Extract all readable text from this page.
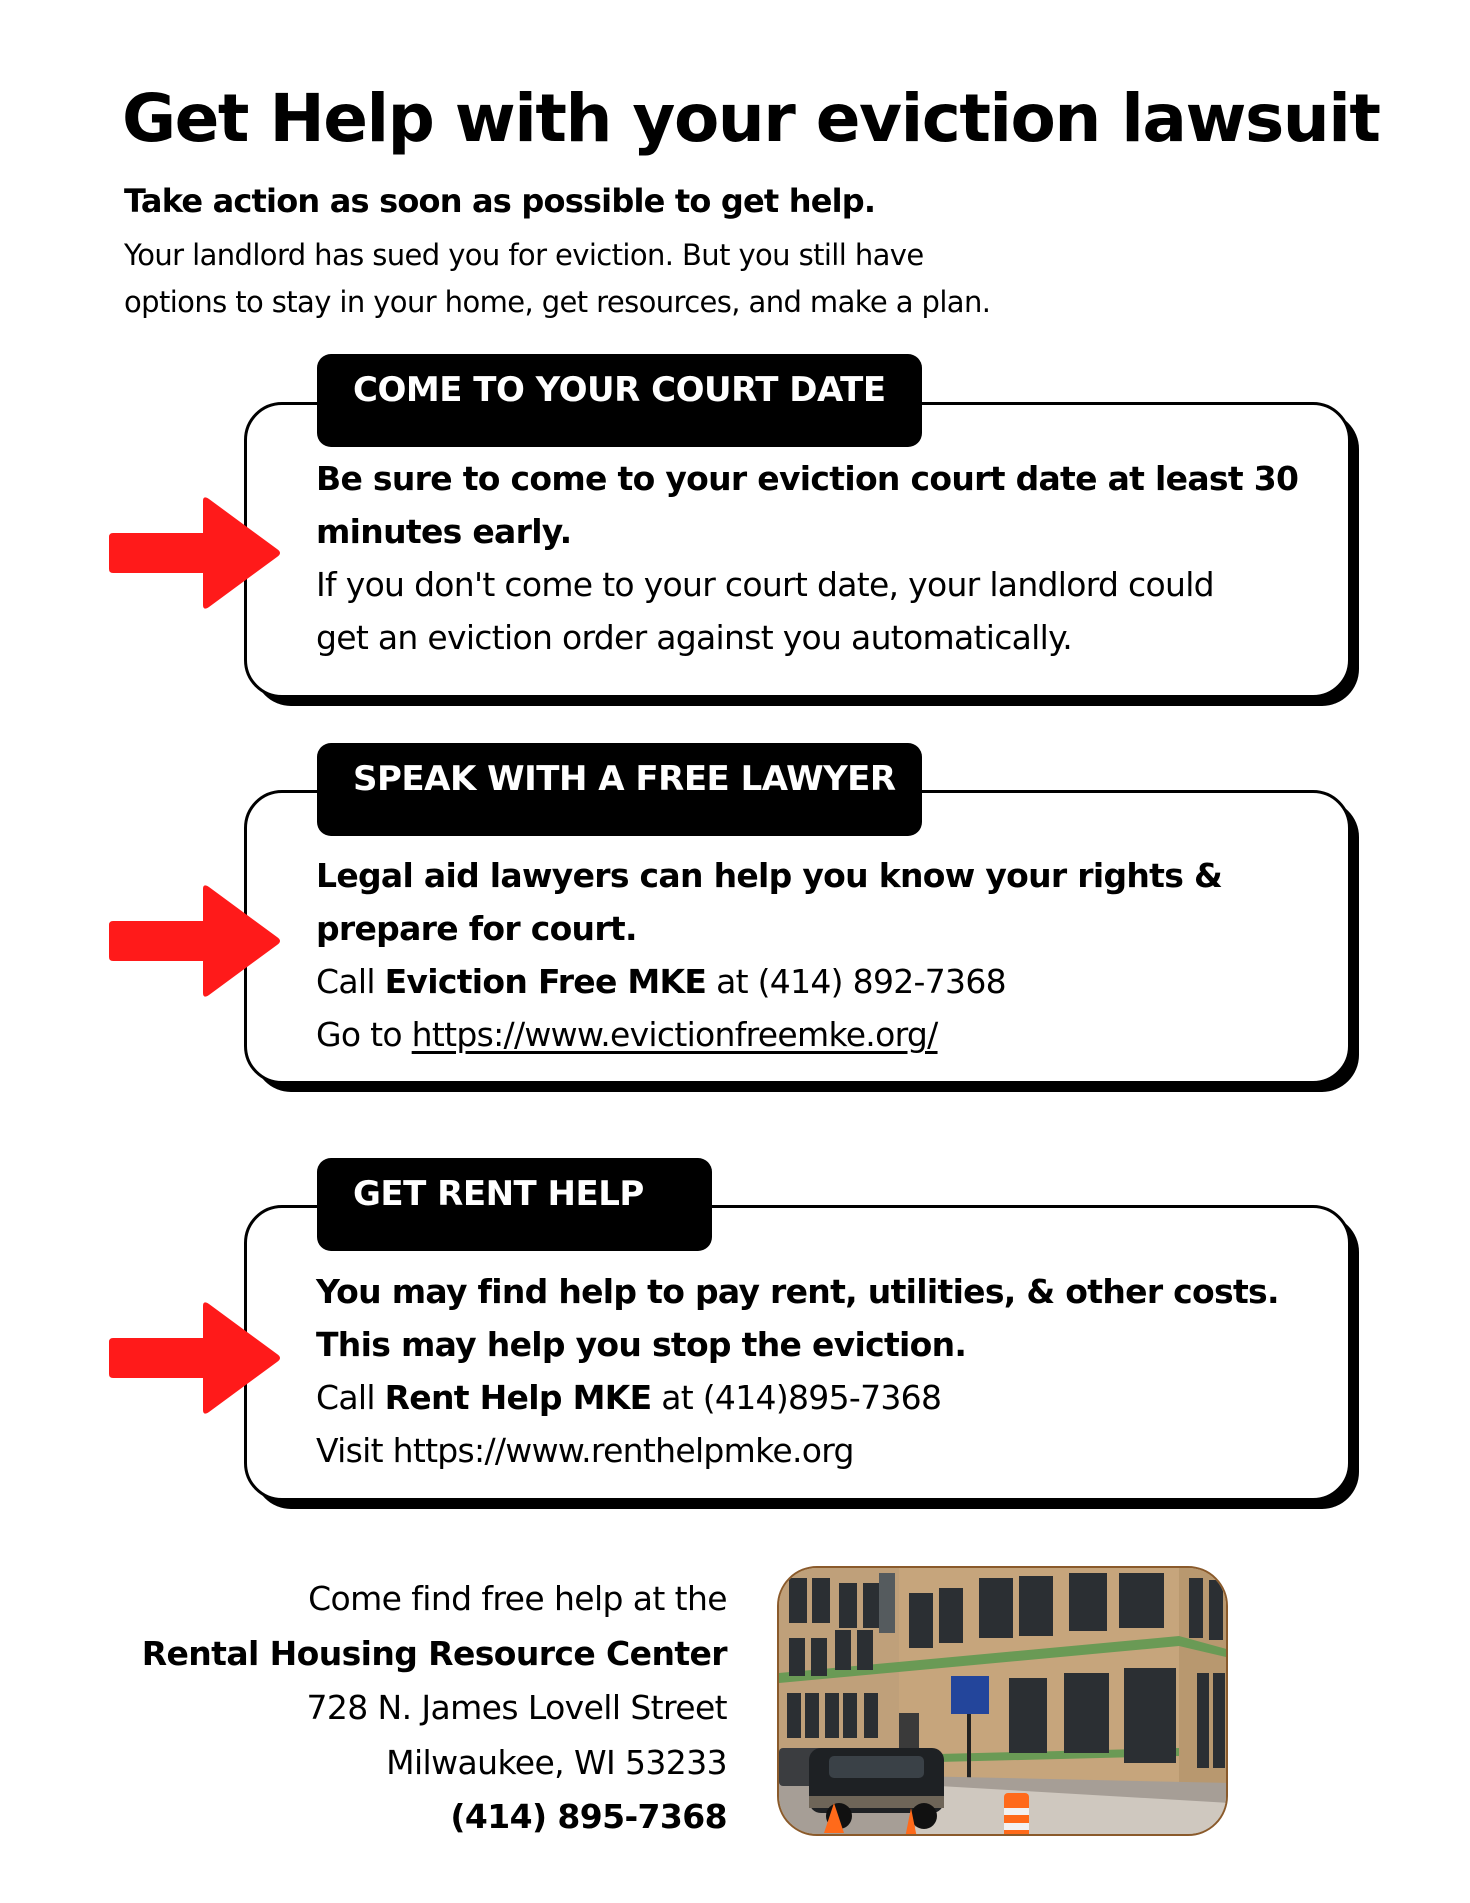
Get Help with your eviction lawsuit
Take action as soon as possible to get help.
Your landlord has sued you for eviction. But you still have
options to stay in your home, get resources, and make a plan.
COME TO YOUR COURT DATE
Be sure to come to your eviction court date at least 30
minutes early.
If you don't come to your court date, your landlord could
get an eviction order against you automatically.
SPEAK WITH A FREE LAWYER
Legal aid lawyers can help you know your rights &
prepare for court.
Call Eviction Free MKE at (414) 892-7368
Go to https://www.evictionfreemke.org/
GET RENT HELP
You may find help to pay rent, utilities, & other costs.
This may help you stop the eviction.
Call Rent Help MKE at (414)895-7368
Visit https://www.renthelpmke.org
Come find free help at the
Rental Housing Resource Center
728 N. James Lovell Street
Milwaukee, WI 53233
(414) 895-7368
